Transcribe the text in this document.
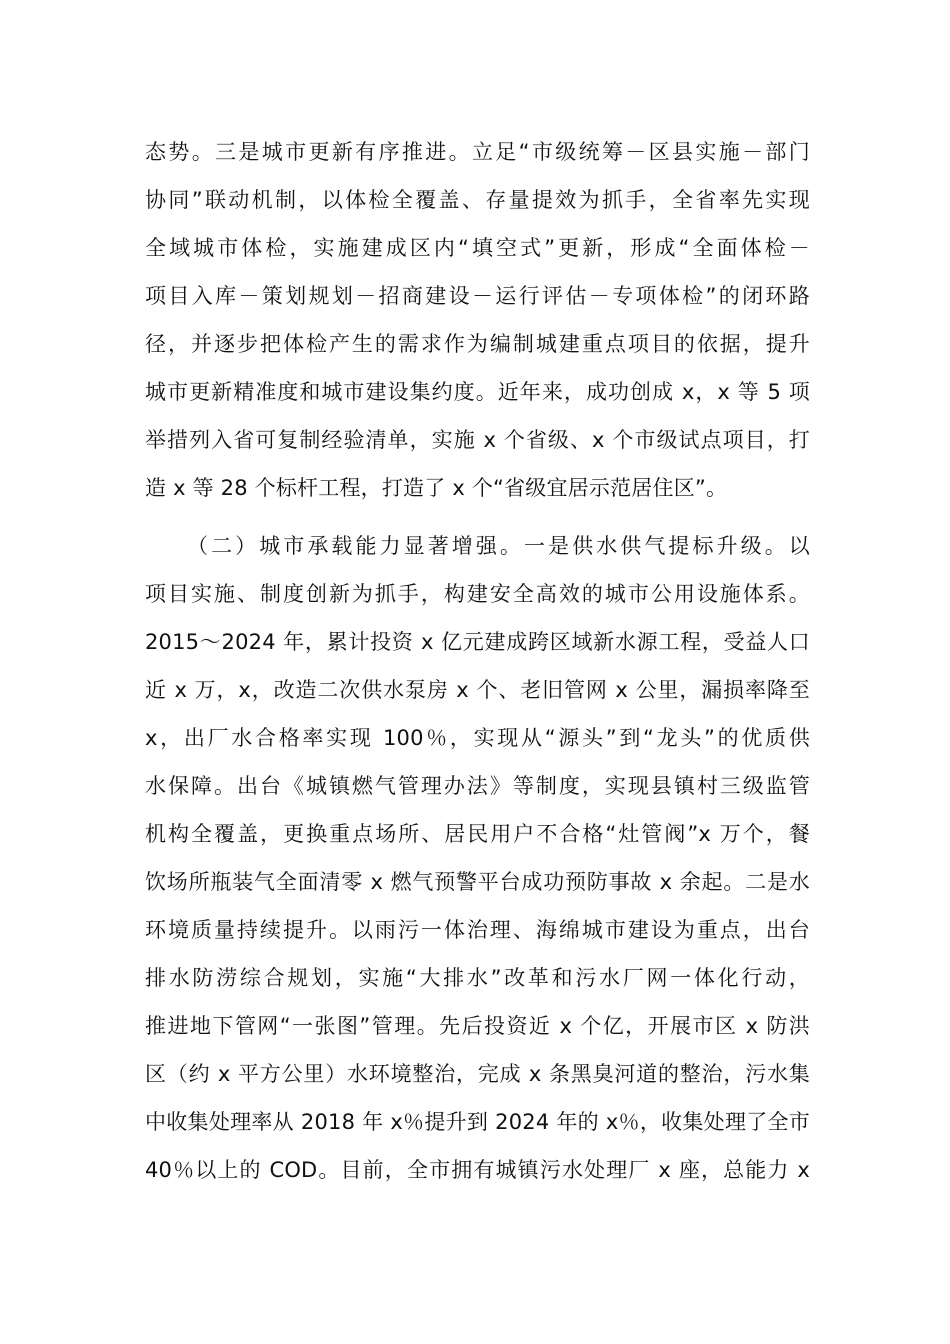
态势。三是城市更新有序推进。立足“市级统筹－区县实施－部门
协同”联动机制，以体检全覆盖、存量提效为抓手，全省率先实现
全域城市体检，实施建成区内“填空式”更新，形成“全面体检－
项目入库－策划规划－招商建设－运行评估－专项体检”的闭环路
径，并逐步把体检产生的需求作为编制城建重点项目的依据，提升
城市更新精准度和城市建设集约度。近年来，成功创成 x，x 等 5 项
举措列入省可复制经验清单，实施 x 个省级、x 个市级试点项目，打
造 x 等 28 个标杆工程，打造了 x 个“省级宜居示范居住区”。
（二）城市承载能力显著增强。一是供水供气提标升级。以
项目实施、制度创新为抓手，构建安全高效的城市公用设施体系。
2015～2024 年，累计投资 x 亿元建成跨区域新水源工程，受益人口
近 x 万，x，改造二次供水泵房 x 个、老旧管网 x 公里，漏损率降至
x，出厂水合格率实现 100％，实现从“源头”到“龙头”的优质供
水保障。出台《城镇燃气管理办法》等制度，实现县镇村三级监管
机构全覆盖，更换重点场所、居民用户不合格“灶管阀”x 万个，餐
饮场所瓶装气全面清零 x 燃气预警平台成功预防事故 x 余起。二是水
环境质量持续提升。以雨污一体治理、海绵城市建设为重点，出台
排水防涝综合规划，实施“大排水”改革和污水厂网一体化行动，
推进地下管网“一张图”管理。先后投资近 x 个亿，开展市区 x 防洪
区（约 x 平方公里）水环境整治，完成 x 条黑臭河道的整治，污水集
中收集处理率从 2018 年 x％提升到 2024 年的 x％，收集处理了全市
40％以上的 COD。目前，全市拥有城镇污水处理厂 x 座，总能力 x
